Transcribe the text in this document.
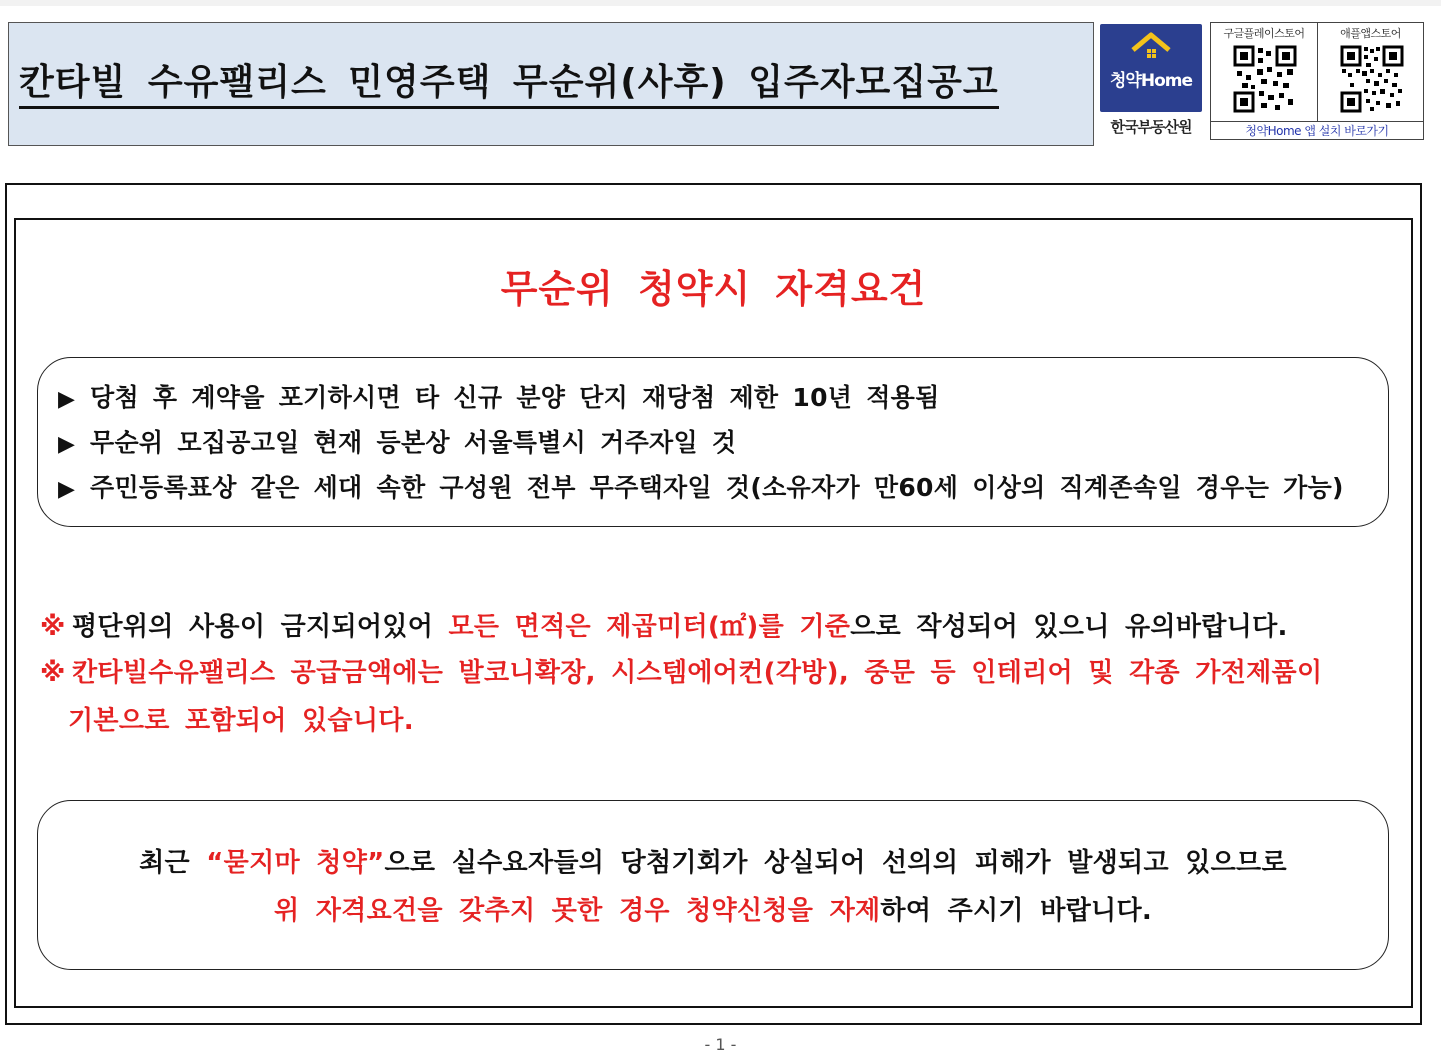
칸타빌 수유팰리스 민영주택 무순위(사후) 입주자모집공고	청약Home
한국부동산원
구글플레이스토어	애플앱스토어
청약Home 앱 설치 바로가기
무순위 청약시 자격요건
▶ 당첨 후 계약을 포기하시면 타 신규 분양 단지 재당첨 제한 10년 적용됨
▶ 무순위 모집공고일 현재 등본상 서울특별시 거주자일 것
▶ 주민등록표상 같은 세대 속한 구성원 전부 무주택자일 것(소유자가 만60세 이상의 직계존속일 경우는 가능)
※ 평단위의 사용이 금지되어있어 모든 면적은 제곱미터(㎡)를 기준으로 작성되어 있으니 유의바랍니다.
※ 칸타빌수유팰리스 공급금액에는 발코니확장, 시스템에어컨(각방), 중문 등 인테리어 및 각종 가전제품이
기본으로 포함되어 있습니다.
최근 “묻지마 청약”으로 실수요자들의 당첨기회가 상실되어 선의의 피해가 발생되고 있으므로
위 자격요건을 갖추지 못한 경우 청약신청을 자제하여 주시기 바랍니다.
- 1 -
